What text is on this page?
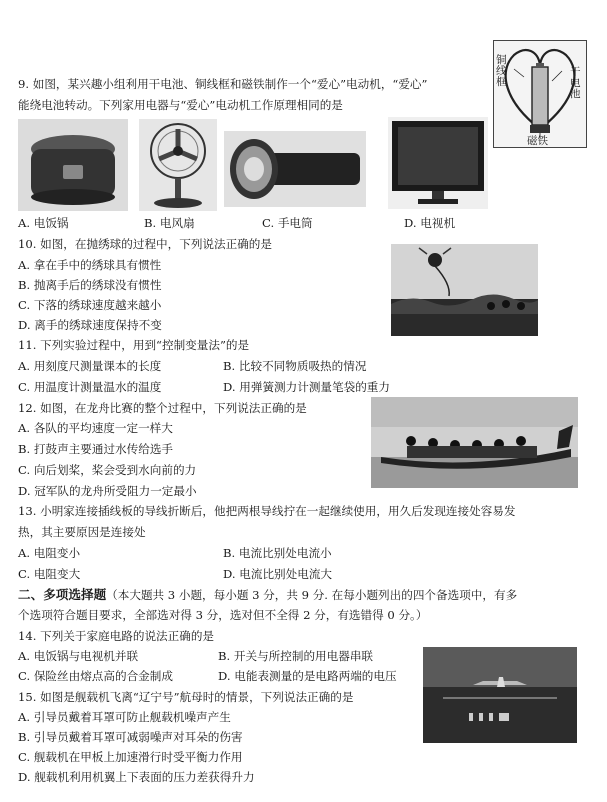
9. 如图，某兴趣小组利用干电池、铜线框和磁铁制作一个“爱心”电动机，“爱心”
能绕电池转动。下列家用电器与“爱心”电动机工作原理相同的是
铜线框
干电池
磁铁
A. 电饭锅	B. 电风扇	C. 手电筒	D. 电视机
10. 如图，在抛绣球的过程中，下列说法正确的是
A. 拿在手中的绣球具有惯性
B. 抛离手后的绣球没有惯性
C. 下落的绣球速度越来越小
D. 离手的绣球速度保持不变
11. 下列实验过程中，用到“控制变量法”的是
A. 用刻度尺测量课本的长度	B. 比较不同物质吸热的情况
C. 用温度计测量温水的温度	D. 用弹簧测力计测量笔袋的重力
12. 如图，在龙舟比赛的整个过程中，下列说法正确的是
A. 各队的平均速度一定一样大
B. 打鼓声主要通过水传给选手
C. 向后划桨，桨会受到水向前的力
D. 冠军队的龙舟所受阻力一定最小
13. 小明家连接插线板的导线折断后，他把两根导线拧在一起继续使用，用久后发现连接处容易发
热，其主要原因是连接处
A. 电阻变小	B. 电流比别处电流小
C. 电阻变大	D. 电流比别处电流大
二、多项选择题（本大题共 3 小题，每小题 3 分，共 9 分. 在每小题列出的四个备选项中，有多
个选项符合题目要求，全部选对得 3 分，选对但不全得 2 分，有选错得 0 分。）
14. 下列关于家庭电路的说法正确的是
A. 电饭锅与电视机并联	B. 开关与所控制的用电器串联
C. 保险丝由熔点高的合金制成	D. 电能表测量的是电路两端的电压
15. 如图是舰载机飞离“辽宁号”航母时的情景，下列说法正确的是
A. 引导员戴着耳罩可防止舰载机噪声产生
B. 引导员戴着耳罩可减弱噪声对耳朵的伤害
C. 舰载机在甲板上加速滑行时受平衡力作用
D. 舰载机利用机翼上下表面的压力差获得升力
